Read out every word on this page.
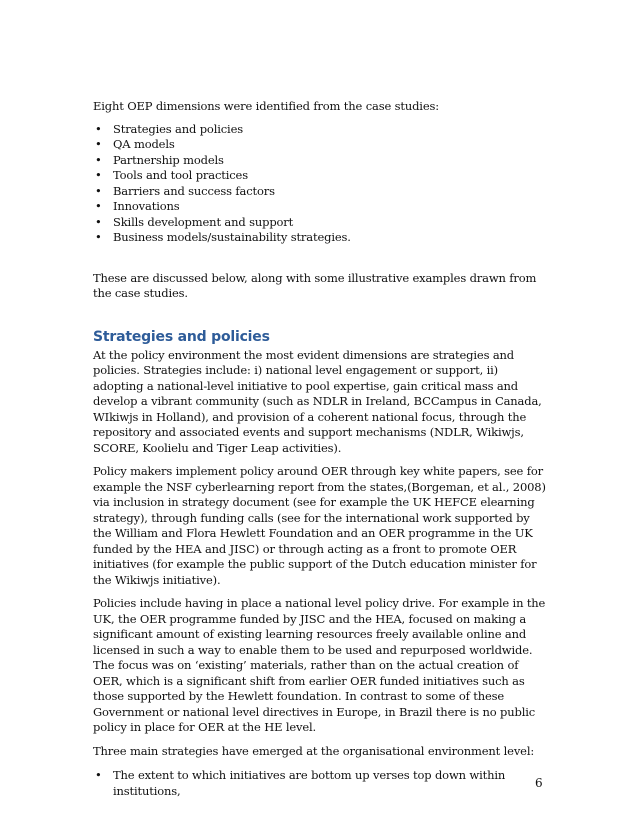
Eight OEP dimensions were identified from the case studies:

• Strategies and policies
• QA models
• Partnership models
• Tools and tool practices
• Barriers and success factors
• Innovations
• Skills development and support
• Business models/sustainability strategies.

These are discussed below, along with some illustrative examples drawn from the case studies.

Strategies and policies

At the policy environment the most evident dimensions are strategies and policies. Strategies include: i) national level engagement or support, ii) adopting a national-level initiative to pool expertise, gain critical mass and develop a vibrant community (such as NDLR in Ireland, BCCampus in Canada, WIkiwjs in Holland), and provision of a coherent national focus, through the repository and associated events and support mechanisms (NDLR, Wikiwjs, SCORE, Koolielu and Tiger Leap activities).

Policy makers implement policy around OER through key white papers, see for example the NSF cyberlearning report from the states,(Borgeman, et al., 2008) via inclusion in strategy document (see for example the UK HEFCE elearning strategy), through funding calls (see for the international work supported by the William and Flora Hewlett Foundation and an OER programme in the UK funded by the HEA and JISC) or through acting as a front to promote OER initiatives (for example the public support of the Dutch education minister for the Wikiwjs initiative).

Policies include having in place a national level policy drive. For example in the UK, the OER programme funded by JISC and the HEA, focused on making a significant amount of existing learning resources freely available online and licensed in such a way to enable them to be used and repurposed worldwide. The focus was on ‘existing’ materials, rather than on the actual creation of OER, which is a significant shift from earlier OER funded initiatives such as those supported by the Hewlett foundation. In contrast to some of these Government or national level directives in Europe, in Brazil there is no public policy in place for OER at the HE level.

Three main strategies have emerged at the organisational environment level:

• The extent to which initiatives are bottom up verses top down within institutions,
6
